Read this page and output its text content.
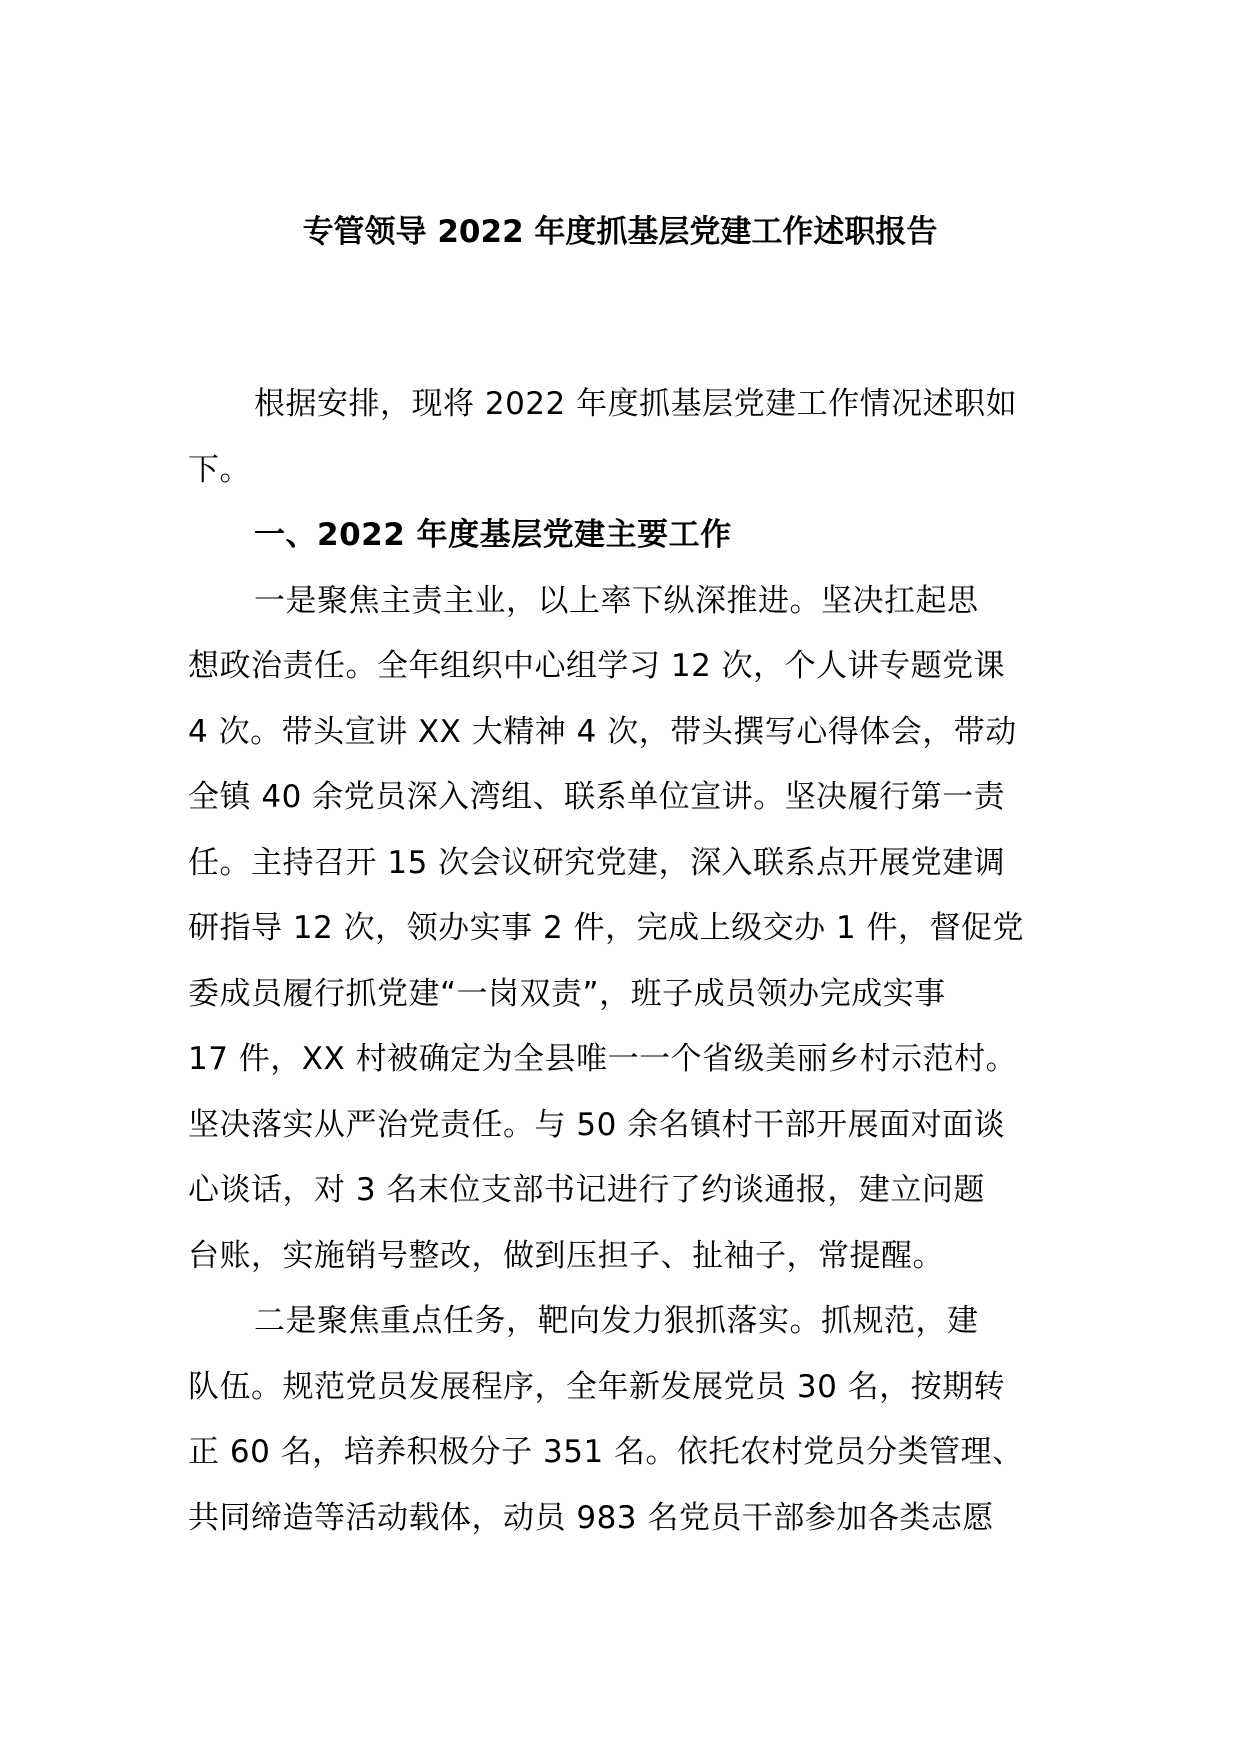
专管领导 2022 年度抓基层党建工作述职报告
根据安排，现将 2022 年度抓基层党建工作情况述职如
下。
一、2022 年度基层党建主要工作
一是聚焦主责主业，以上率下纵深推进。坚决扛起思
想政治责任。全年组织中心组学习 12 次，个人讲专题党课
4 次。带头宣讲 XX 大精神 4 次，带头撰写心得体会，带动
全镇 40 余党员深入湾组、联系单位宣讲。坚决履行第一责
任。主持召开 15 次会议研究党建，深入联系点开展党建调
研指导 12 次，领办实事 2 件，完成上级交办 1 件，督促党
委成员履行抓党建“一岗双责”，班子成员领办完成实事
17 件，XX 村被确定为全县唯一一个省级美丽乡村示范村。
坚决落实从严治党责任。与 50 余名镇村干部开展面对面谈
心谈话，对 3 名末位支部书记进行了约谈通报，建立问题
台账，实施销号整改，做到压担子、扯袖子，常提醒。
二是聚焦重点任务，靶向发力狠抓落实。抓规范，建
队伍。规范党员发展程序，全年新发展党员 30 名，按期转
正 60 名，培养积极分子 351 名。依托农村党员分类管理、
共同缔造等活动载体，动员 983 名党员干部参加各类志愿
